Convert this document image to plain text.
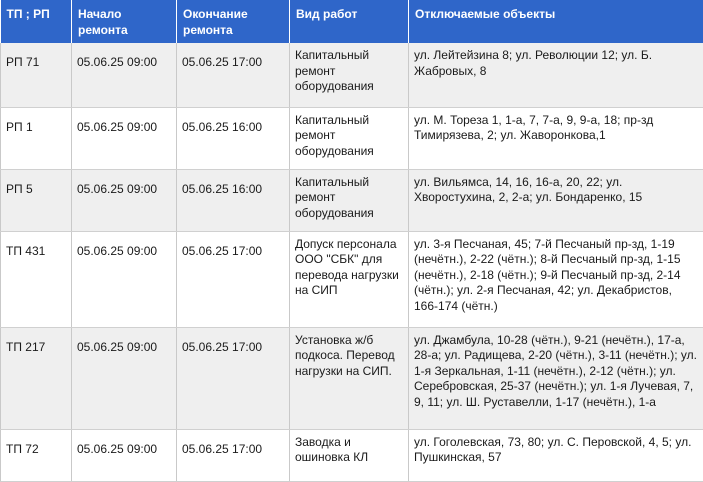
ТП ; РП	Начало ремонта	Окончание ремонта	Вид работ	Отключаемые объекты
РП 71	05.06.25 09:00	05.06.25 17:00	Капитальный ремонт оборудования	ул. Лейтейзина 8; ул. Революции 12; ул. Б. Жабровых, 8
РП 1	05.06.25 09:00	05.06.25 16:00	Капитальный ремонт оборудования	ул. М. Тореза 1, 1-а, 7, 7-а, 9, 9-а, 18; пр-зд Тимирязева, 2; ул. Жаворонкова,1
РП 5	05.06.25 09:00	05.06.25 16:00	Капитальный ремонт оборудования	ул. Вильямса, 14, 16, 16-а, 20, 22; ул. Хворостухина, 2, 2-а; ул. Бондаренко, 15
ТП 431	05.06.25 09:00	05.06.25 17:00	Допуск персонала ООО "СБК" для перевода нагрузки на СИП	ул. 3-я Песчаная, 45; 7-й Песчаный пр-зд, 1-19 (нечётн.), 2-22 (чётн.); 8-й Песчаный пр-зд, 1-15 (нечётн.), 2-18 (чётн.); 9-й Песчаный пр-зд, 2-14 (чётн.); ул. 2-я Песчаная, 42; ул. Декабристов, 166-174 (чётн.)
ТП 217	05.06.25 09:00	05.06.25 17:00	Установка ж/б подкоса. Перевод нагрузки на СИП.	ул. Джамбула, 10-28 (чётн.), 9-21 (нечётн.), 17-а, 28-а; ул. Радищева, 2-20 (чётн.), 3-11 (нечётн.); ул. 1-я Зеркальная, 1-11 (нечётн.), 2-12 (чётн.); ул. Серебровская, 25-37 (нечётн.); ул. 1-я Лучевая, 7, 9, 11; ул. Ш. Руставелли, 1-17 (нечётн.), 1-а
ТП 72	05.06.25 09:00	05.06.25 17:00	Заводка и ошиновка КЛ	ул. Гоголевская, 73, 80; ул. С. Перовской, 4, 5; ул. Пушкинская, 57
